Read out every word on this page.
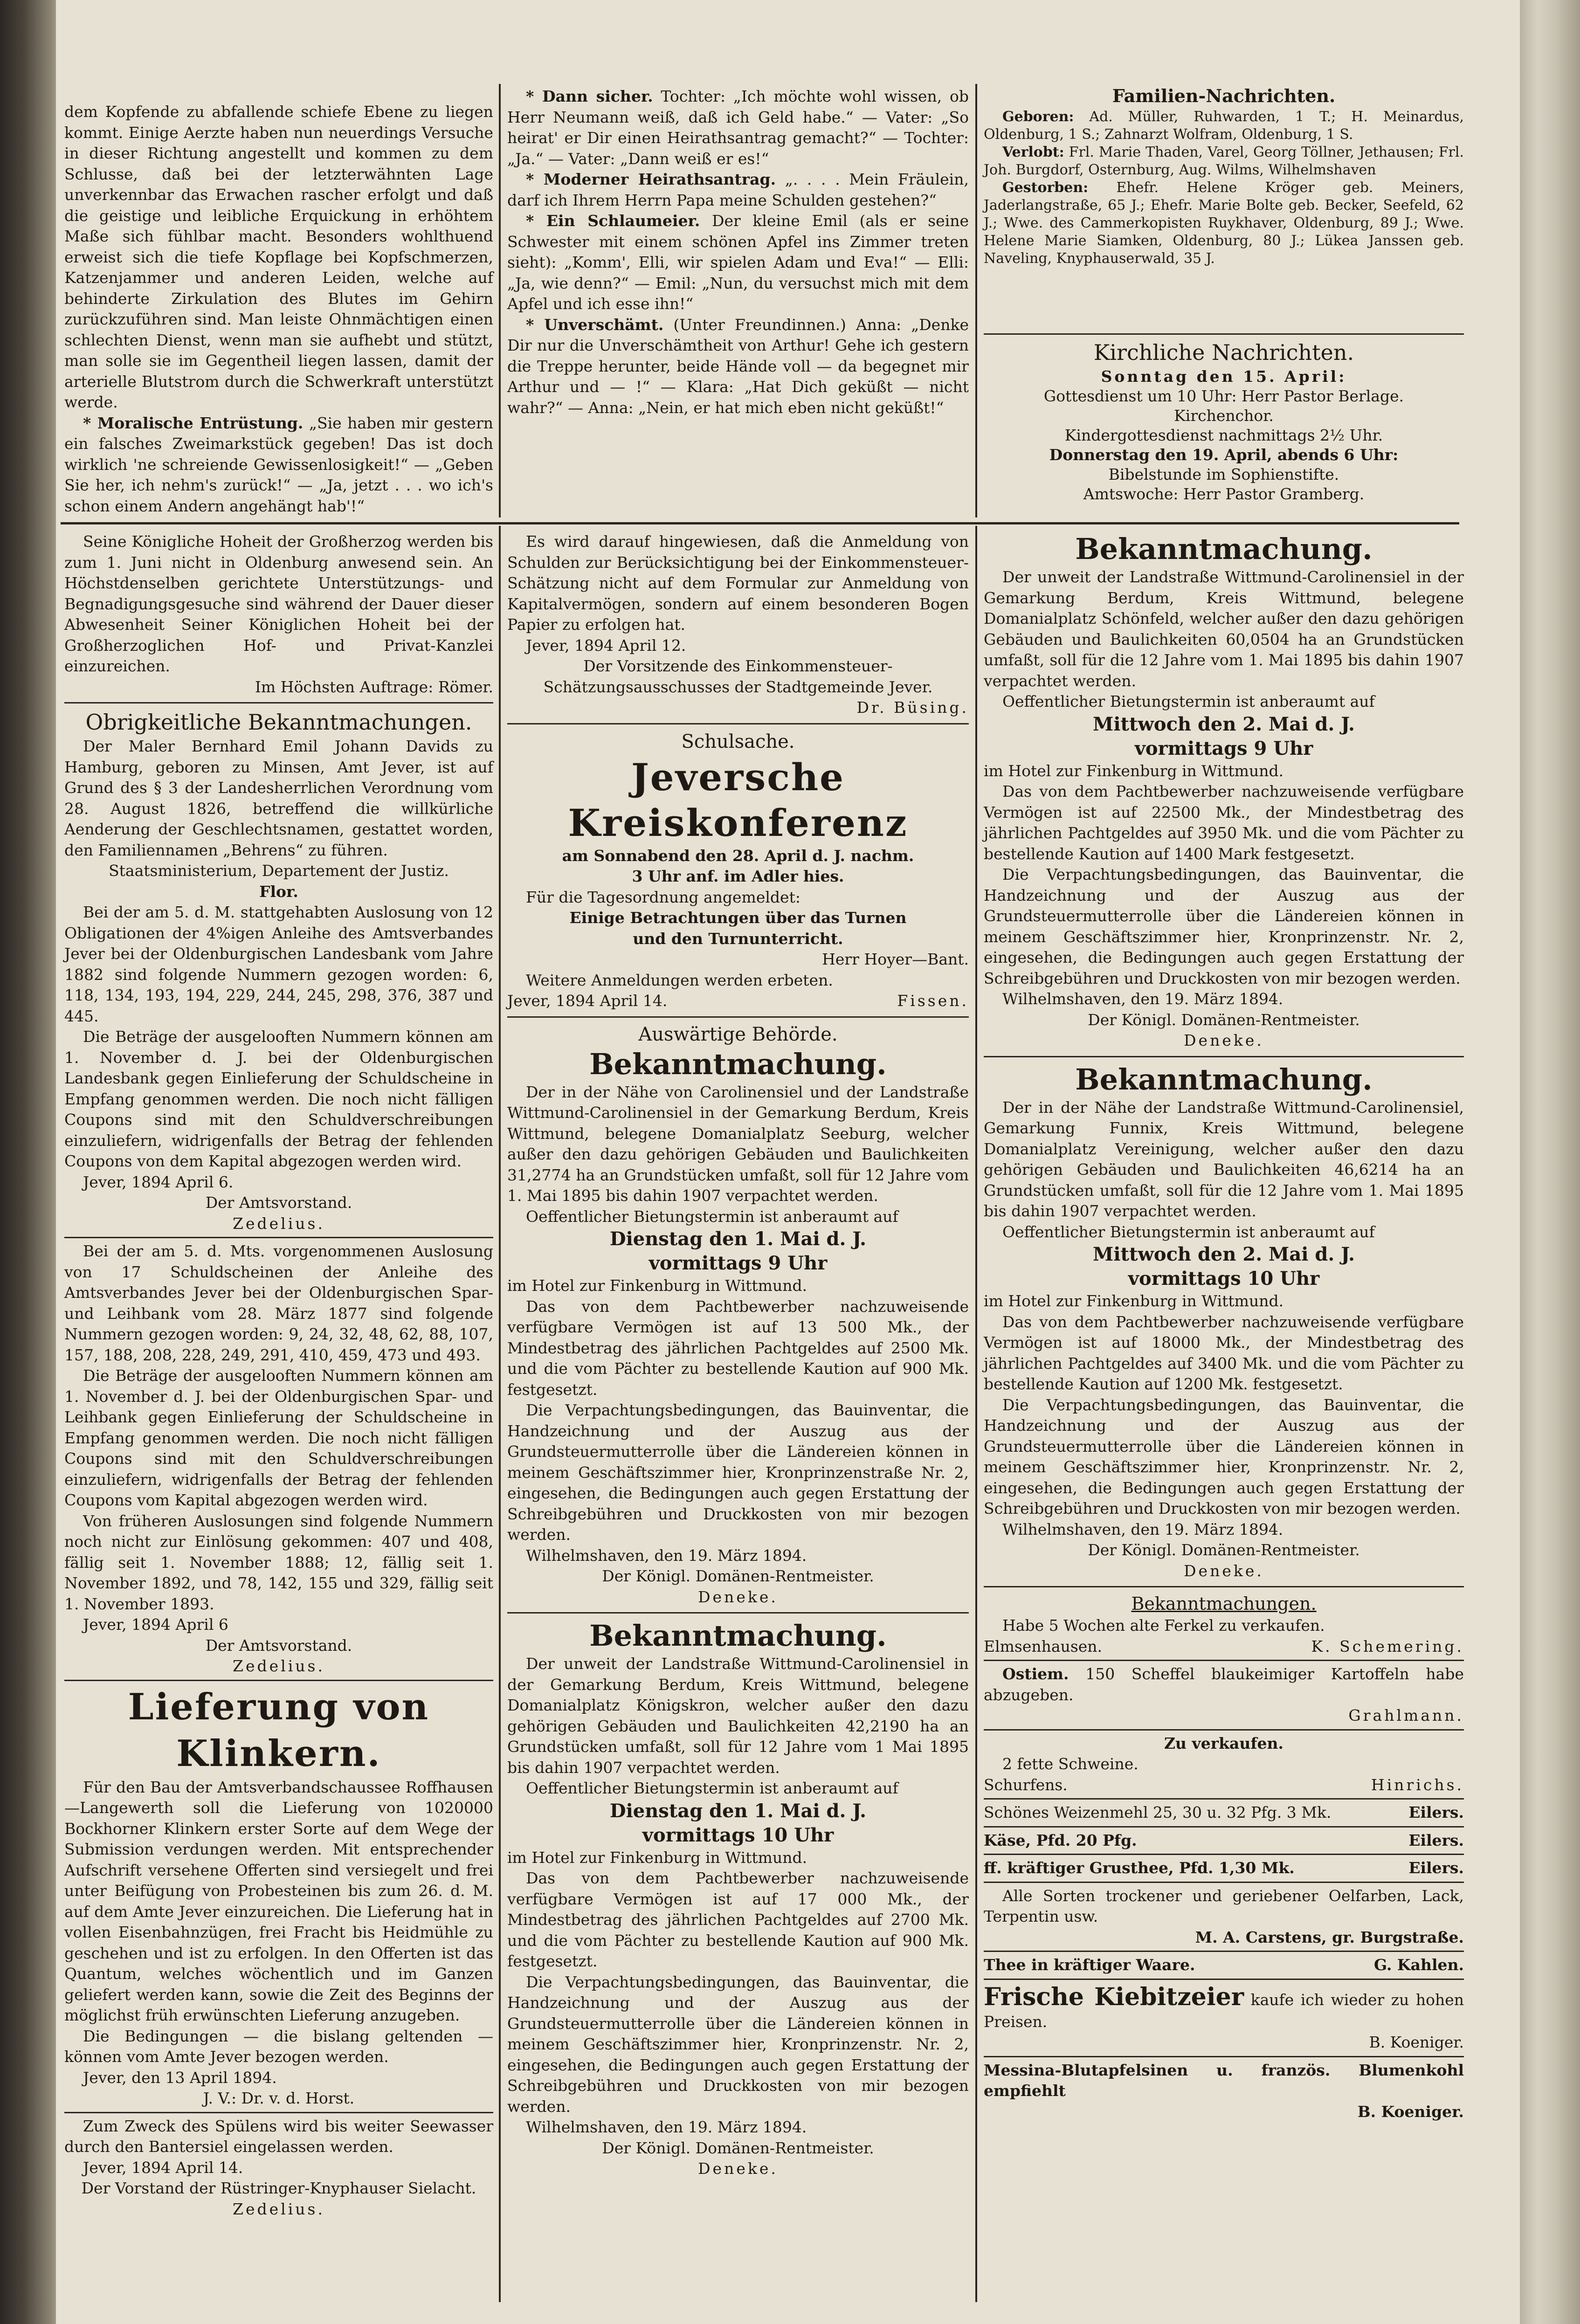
dem Kopfende zu abfallende schiefe Ebene zu liegen kommt. Einige Aerzte haben nun neuerdings Versuche in dieser Richtung angestellt und kommen zu dem Schlusse, daß bei der letzterwähnten Lage unverkennbar das Erwachen rascher erfolgt und daß die geistige und leibliche Erquickung in erhöhtem Maße sich fühlbar macht. Besonders wohlthuend erweist sich die tiefe Kopflage bei Kopfschmerzen, Katzenjammer und anderen Leiden, welche auf behinderte Zirkulation des Blutes im Gehirn zurückzuführen sind. Man leiste Ohnmächtigen einen schlechten Dienst, wenn man sie aufhebt und stützt, man solle sie im Gegentheil liegen lassen, damit der arterielle Blutstrom durch die Schwerkraft unterstützt werde.

* Moralische Entrüstung. „Sie haben mir gestern ein falsches Zweimarkstück gegeben! Das ist doch wirklich 'ne schreiende Gewissenlosigkeit!“ — „Geben Sie her, ich nehm's zurück!“ — „Ja, jetzt . . . wo ich's schon einem Andern angehängt hab'!“

* Dann sicher. Tochter: „Ich möchte wohl wissen, ob Herr Neumann weiß, daß ich Geld habe.“ — Vater: „So heirat' er Dir einen Heirathsantrag gemacht?“ — Tochter: „Ja.“ — Vater: „Dann weiß er es!“

* Moderner Heirathsantrag. „. . . . Mein Fräulein, darf ich Ihrem Herrn Papa meine Schulden gestehen?“

* Ein Schlaumeier. Der kleine Emil (als er seine Schwester mit einem schönen Apfel ins Zimmer treten sieht): „Komm', Elli, wir spielen Adam und Eva!“ — Elli: „Ja, wie denn?“ — Emil: „Nun, du versuchst mich mit dem Apfel und ich esse ihn!“

* Unverschämt. (Unter Freundinnen.) Anna: „Denke Dir nur die Unverschämtheit von Arthur! Gehe ich gestern die Treppe herunter, beide Hände voll — da begegnet mir Arthur und — !“ — Klara: „Hat Dich geküßt — nicht wahr?“ — Anna: „Nein, er hat mich eben nicht geküßt!“

Familien-Nachrichten.

Geboren: Ad. Müller, Ruhwarden, 1 T.; H. Meinardus, Oldenburg, 1 S.; Zahnarzt Wolfram, Oldenburg, 1 S.

Verlobt: Frl. Marie Thaden, Varel, Georg Töllner, Jethausen; Frl. Joh. Burgdorf, Osternburg, Aug. Wilms, Wilhelmshaven

Gestorben: Ehefr. Helene Kröger geb. Meiners, Jaderlangstraße, 65 J.; Ehefr. Marie Bolte geb. Becker, Seefeld, 62 J.; Wwe. des Cammerkopisten Ruykhaver, Oldenburg, 89 J.; Wwe. Helene Marie Siamken, Oldenburg, 80 J.; Lükea Janssen geb. Naveling, Knyphauserwald, 35 J.

Kirchliche Nachrichten.

Sonntag den 15. April:

Gottesdienst um 10 Uhr: Herr Pastor Berlage.

Kirchenchor.

Kindergottesdienst nachmittags 2½ Uhr.

Donnerstag den 19. April, abends 6 Uhr:

Bibelstunde im Sophienstifte.

Amtswoche: Herr Pastor Gramberg.

Seine Königliche Hoheit der Großherzog werden bis zum 1. Juni nicht in Oldenburg anwesend sein. An Höchstdenselben gerichtete Unterstützungs- und Begnadigungsgesuche sind während der Dauer dieser Abwesenheit Seiner Königlichen Hoheit bei der Großherzoglichen Hof- und Privat-Kanzlei einzureichen.

Im Höchsten Auftrage: Römer.

Obrigkeitliche Bekanntmachungen.

Der Maler Bernhard Emil Johann Davids zu Hamburg, geboren zu Minsen, Amt Jever, ist auf Grund des § 3 der Landesherrlichen Verordnung vom 28. August 1826, betreffend die willkürliche Aenderung der Geschlechtsnamen, gestattet worden, den Familiennamen „Behrens“ zu führen.

Staatsministerium, Departement der Justiz.

Flor.

Bei der am 5. d. M. stattgehabten Auslosung von 12 Obligationen der 4%igen Anleihe des Amtsverbandes Jever bei der Oldenburgischen Landesbank vom Jahre 1882 sind folgende Nummern gezogen worden: 6, 118, 134, 193, 194, 229, 244, 245, 298, 376, 387 und 445.

Die Beträge der ausgelooften Nummern können am 1. November d. J. bei der Oldenburgischen Landesbank gegen Einlieferung der Schuldscheine in Empfang genommen werden. Die noch nicht fälligen Coupons sind mit den Schuldverschreibungen einzuliefern, widrigenfalls der Betrag der fehlenden Coupons von dem Kapital abgezogen werden wird.

Jever, 1894 April 6.

Der Amtsvorstand.

Zedelius.

Bei der am 5. d. Mts. vorgenommenen Auslosung von 17 Schuldscheinen der Anleihe des Amtsverbandes Jever bei der Oldenburgischen Spar- und Leihbank vom 28. März 1877 sind folgende Nummern gezogen worden: 9, 24, 32, 48, 62, 88, 107, 157, 188, 208, 228, 249, 291, 410, 459, 473 und 493.

Die Beträge der ausgelooften Nummern können am 1. November d. J. bei der Oldenburgischen Spar- und Leihbank gegen Einlieferung der Schuldscheine in Empfang genommen werden. Die noch nicht fälligen Coupons sind mit den Schuldverschreibungen einzuliefern, widrigenfalls der Betrag der fehlenden Coupons vom Kapital abgezogen werden wird.

Von früheren Auslosungen sind folgende Nummern noch nicht zur Einlösung gekommen: 407 und 408, fällig seit 1. November 1888; 12, fällig seit 1. November 1892, und 78, 142, 155 und 329, fällig seit 1. November 1893.

Jever, 1894 April 6

Der Amtsvorstand.

Zedelius.

Lieferung von Klinkern.

Für den Bau der Amtsverbandschaussee Roffhausen—Langewerth soll die Lieferung von 1020000 Bockhorner Klinkern erster Sorte auf dem Wege der Submission verdungen werden. Mit entsprechender Aufschrift versehene Offerten sind versiegelt und frei unter Beifügung von Probesteinen bis zum 26. d. M. auf dem Amte Jever einzureichen. Die Lieferung hat in vollen Eisenbahnzügen, frei Fracht bis Heidmühle zu geschehen und ist zu erfolgen. In den Offerten ist das Quantum, welches wöchentlich und im Ganzen geliefert werden kann, sowie die Zeit des Beginns der möglichst früh erwünschten Lieferung anzugeben.

Die Bedingungen — die bislang geltenden — können vom Amte Jever bezogen werden.

Jever, den 13 April 1894.

J. V.: Dr. v. d. Horst.

Zum Zweck des Spülens wird bis weiter Seewasser durch den Bantersiel eingelassen werden.

Jever, 1894 April 14.

Der Vorstand der Rüstringer-Knyphauser Sielacht.

Zedelius.

Es wird darauf hingewiesen, daß die Anmeldung von Schulden zur Berücksichtigung bei der Einkommensteuer-Schätzung nicht auf dem Formular zur Anmeldung von Kapitalvermögen, sondern auf einem besonderen Bogen Papier zu erfolgen hat.

Jever, 1894 April 12.

Der Vorsitzende des Einkommensteuer-Schätzungsausschusses der Stadtgemeinde Jever.

Dr. Büsing.

Schulsache.

Jeversche Kreiskonferenz

am Sonnabend den 28. April d. J. nachm.

3 Uhr anf. im Adler hies.

Für die Tagesordnung angemeldet:

Einige Betrachtungen über das Turnen

und den Turnunterricht.

Herr Hoyer—Bant.

Weitere Anmeldungen werden erbeten.

Jever, 1894 April 14.	Fissen.

Auswärtige Behörde.

Bekanntmachung.

Der in der Nähe von Carolinensiel und der Landstraße Wittmund-Carolinensiel in der Gemarkung Berdum, Kreis Wittmund, belegene Domanialplatz Seeburg, welcher außer den dazu gehörigen Gebäuden und Baulichkeiten 31,2774 ha an Grundstücken umfaßt, soll für 12 Jahre vom 1. Mai 1895 bis dahin 1907 verpachtet werden.

Oeffentlicher Bietungstermin ist anberaumt auf

Dienstag den 1. Mai d. J.

vormittags 9 Uhr

im Hotel zur Finkenburg in Wittmund.

Das von dem Pachtbewerber nachzuweisende verfügbare Vermögen ist auf 13 500 Mk., der Mindestbetrag des jährlichen Pachtgeldes auf 2500 Mk. und die vom Pächter zu bestellende Kaution auf 900 Mk. festgesetzt.

Die Verpachtungsbedingungen, das Bauinventar, die Handzeichnung und der Auszug aus der Grundsteuermutterrolle über die Ländereien können in meinem Geschäftszimmer hier, Kronprinzenstraße Nr. 2, eingesehen, die Bedingungen auch gegen Erstattung der Schreibgebühren und Druckkosten von mir bezogen werden.

Wilhelmshaven, den 19. März 1894.

Der Königl. Domänen-Rentmeister.

Deneke.

Bekanntmachung.

Der unweit der Landstraße Wittmund-Carolinensiel in der Gemarkung Berdum, Kreis Wittmund, belegene Domanialplatz Königskron, welcher außer den dazu gehörigen Gebäuden und Baulichkeiten 42,2190 ha an Grundstücken umfaßt, soll für 12 Jahre vom 1 Mai 1895 bis dahin 1907 verpachtet werden.

Oeffentlicher Bietungstermin ist anberaumt auf

Dienstag den 1. Mai d. J.

vormittags 10 Uhr

im Hotel zur Finkenburg in Wittmund.

Das von dem Pachtbewerber nachzuweisende verfügbare Vermögen ist auf 17 000 Mk., der Mindestbetrag des jährlichen Pachtgeldes auf 2700 Mk. und die vom Pächter zu bestellende Kaution auf 900 Mk. festgesetzt.

Die Verpachtungsbedingungen, das Bauinventar, die Handzeichnung und der Auszug aus der Grundsteuermutterrolle über die Ländereien können in meinem Geschäftszimmer hier, Kronprinzenstr. Nr. 2, eingesehen, die Bedingungen auch gegen Erstattung der Schreibgebühren und Druckkosten von mir bezogen werden.

Wilhelmshaven, den 19. März 1894.

Der Königl. Domänen-Rentmeister.

Deneke.

Bekanntmachung.

Der unweit der Landstraße Wittmund-Carolinensiel in der Gemarkung Berdum, Kreis Wittmund, belegene Domanialplatz Schönfeld, welcher außer den dazu gehörigen Gebäuden und Baulichkeiten 60,0504 ha an Grundstücken umfaßt, soll für die 12 Jahre vom 1. Mai 1895 bis dahin 1907 verpachtet werden.

Oeffentlicher Bietungstermin ist anberaumt auf

Mittwoch den 2. Mai d. J.

vormittags 9 Uhr

im Hotel zur Finkenburg in Wittmund.

Das von dem Pachtbewerber nachzuweisende verfügbare Vermögen ist auf 22500 Mk., der Mindestbetrag des jährlichen Pachtgeldes auf 3950 Mk. und die vom Pächter zu bestellende Kaution auf 1400 Mark festgesetzt.

Die Verpachtungsbedingungen, das Bauinventar, die Handzeichnung und der Auszug aus der Grundsteuermutterrolle über die Ländereien können in meinem Geschäftszimmer hier, Kronprinzenstr. Nr. 2, eingesehen, die Bedingungen auch gegen Erstattung der Schreibgebühren und Druckkosten von mir bezogen werden.

Wilhelmshaven, den 19. März 1894.

Der Königl. Domänen-Rentmeister.

Deneke.

Bekanntmachung.

Der in der Nähe der Landstraße Wittmund-Carolinensiel, Gemarkung Funnix, Kreis Wittmund, belegene Domanialplatz Vereinigung, welcher außer den dazu gehörigen Gebäuden und Baulichkeiten 46,6214 ha an Grundstücken umfaßt, soll für die 12 Jahre vom 1. Mai 1895 bis dahin 1907 verpachtet werden.

Oeffentlicher Bietungstermin ist anberaumt auf

Mittwoch den 2. Mai d. J.

vormittags 10 Uhr

im Hotel zur Finkenburg in Wittmund.

Das von dem Pachtbewerber nachzuweisende verfügbare Vermögen ist auf 18000 Mk., der Mindestbetrag des jährlichen Pachtgeldes auf 3400 Mk. und die vom Pächter zu bestellende Kaution auf 1200 Mk. festgesetzt.

Die Verpachtungsbedingungen, das Bauinventar, die Handzeichnung und der Auszug aus der Grundsteuermutterrolle über die Ländereien können in meinem Geschäftszimmer hier, Kronprinzenstr. Nr. 2, eingesehen, die Bedingungen auch gegen Erstattung der Schreibgebühren und Druckkosten von mir bezogen werden.

Wilhelmshaven, den 19. März 1894.

Der Königl. Domänen-Rentmeister.

Deneke.

Bekanntmachungen.

Habe 5 Wochen alte Ferkel zu verkaufen.

Elmsenhausen.	K. Schemering.

Ostiem. 150 Scheffel blaukeimiger Kartoffeln habe abzugeben.

Grahlmann.

Zu verkaufen.

2 fette Schweine.

Schurfens.	Hinrichs.
Schönes Weizenmehl 25, 30 u. 32 Pfg. 3 Mk.	Eilers.
Käse, Pfd. 20 Pfg.	Eilers.
ff. kräftiger Grusthee, Pfd. 1,30 Mk.	Eilers.

Alle Sorten trockener und geriebener Oelfarben, Lack, Terpentin usw.

M. A. Carstens, gr. Burgstraße.

Thee in kräftiger Waare.	G. Kahlen.

Frische Kiebitzeier kaufe ich wieder zu hohen Preisen.

B. Koeniger.

Messina-Blutapfelsinen u. französ. Blumenkohl empfiehlt

B. Koeniger.
